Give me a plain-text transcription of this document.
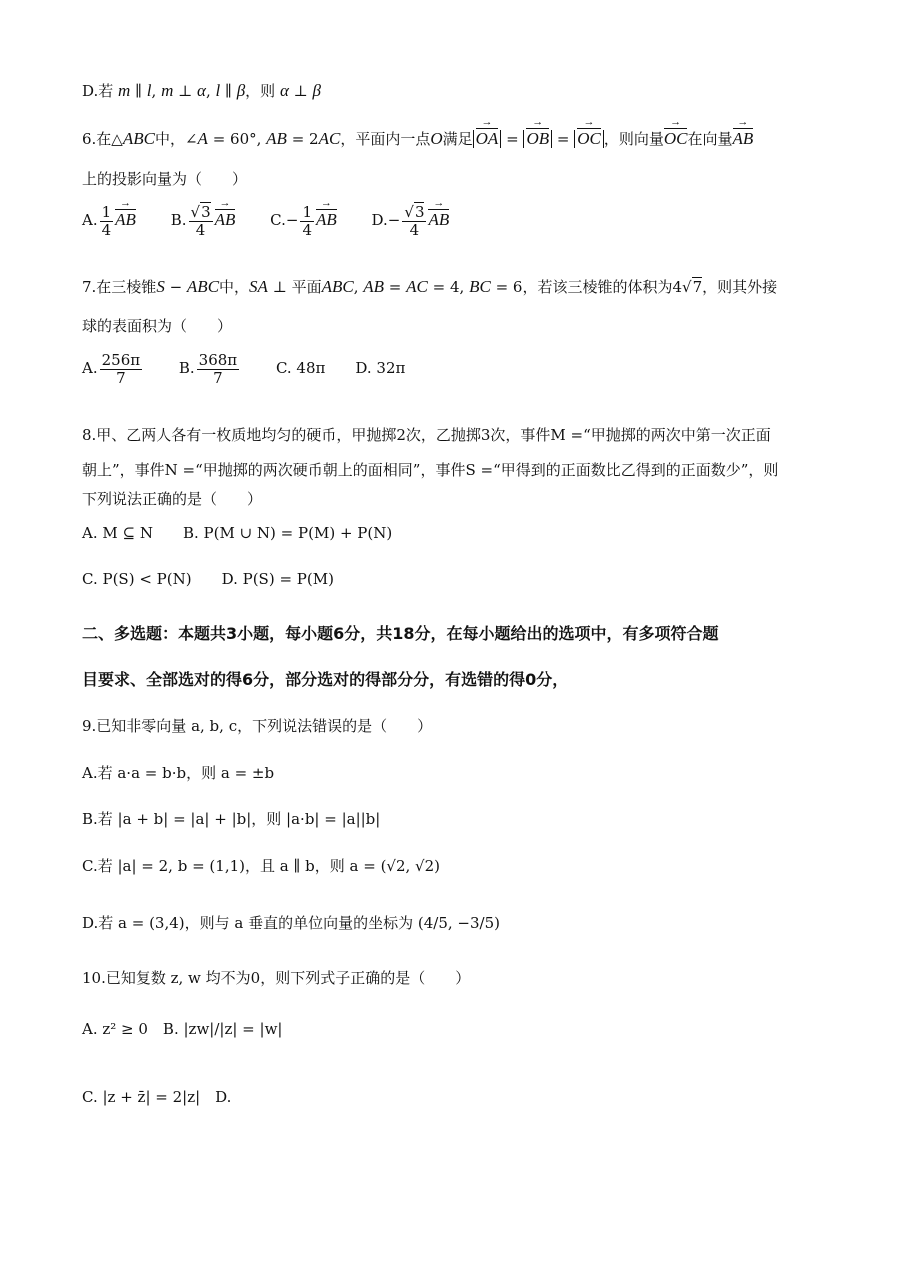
D.若 m ∥ l, m ⊥ α, l ∥ β，则 α ⊥ β
6.在△ABC中，∠A = 60°, AB = 2AC，平面内一点O满足 OA → = OB → = OC → ，则向量OC →在向量AB →
上的投影向量为（　　）
A. $\frac{1}{4}$ AB → B. $\frac{√3}{4}$ AB → $C.- \frac{1}{4}$ AB → $D.- \frac{√3}{4}$ AB →
7.在三棱锥S − ABC中，SA ⊥ 平面ABC, AB = AC = 4, BC = 6，若该三棱锥的体积为4√7，则其外接
球的表面积为（　　）
A. $\frac{256\pi}{7} B$. $\frac{368\pi}{7} C$. 48π D. 32π
8.甲、乙两人各有一枚质地均匀的硬币，甲抛掷2次，乙抛掷3次，事件M =“甲抛掷的两次中第一次正面
朝上”，事件N =“甲抛掷的两次硬币朝上的面相同”，事件S =“甲得到的正面数比乙得到的正面数少”，则
下列说法正确的是（　　）
A. M ⊆ N B. P(M ∪ N) = P(M) + P(N)
C. P(S) < P(N) D. P(S) = P(M)
二、多选题：本题共3小题，每小题6分，共18分，在每小题给出的选项中，有多项符合题
目要求、全部选对的得6分，部分选对的得部分分，有选错的得0分，
9.已知非零向量 a, b, c，下列说法错误的是（　　）
A.若 a·a = b·b，则 a = ±b
B.若 |a + b| = |a| + |b|，则 |a·b| = |a||b|
C.若 |a| = 2, b = (1,1)，且 a ∥ b，则 a = (√2, √2)
D.若 a = (3,4)，则与 a 垂直的单位向量的坐标为 (4/5, −3/5)
10.已知复数 z, w 均不为0，则下列式子正确的是（　　）
A. z² ≥ 0　B. |zw|/|z| = |w|
C. |z + z̄| = 2|z|　D.
